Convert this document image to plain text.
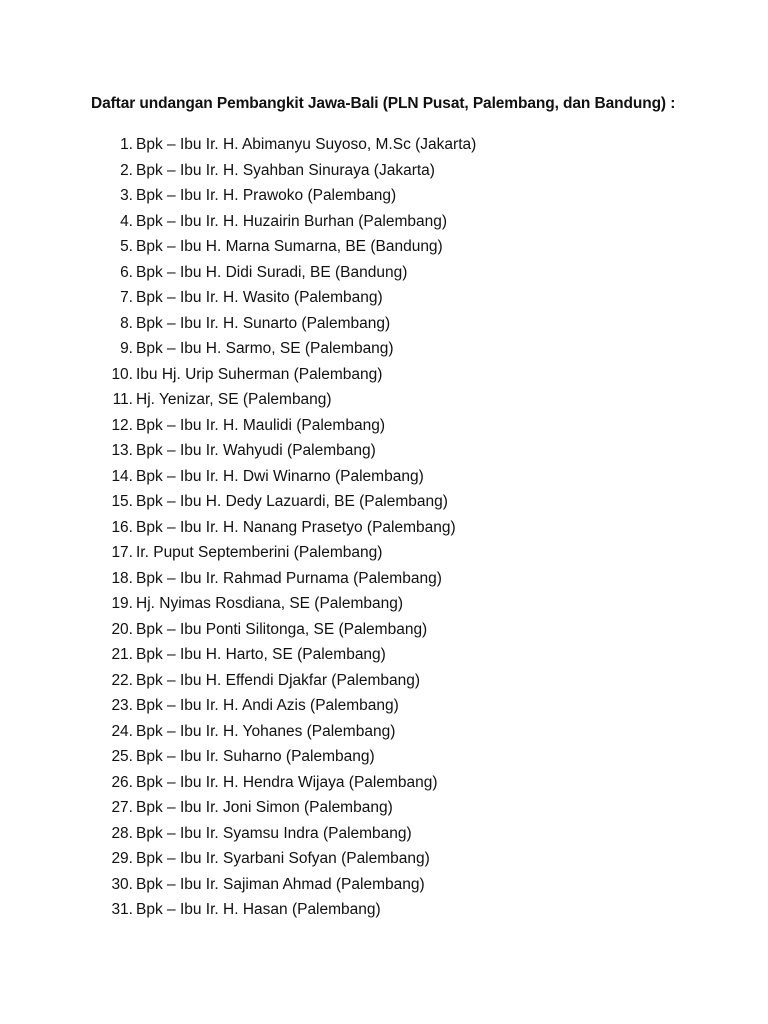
Daftar undangan Pembangkit Jawa-Bali (PLN Pusat, Palembang, dan Bandung) :
1. Bpk – Ibu Ir. H. Abimanyu Suyoso, M.Sc (Jakarta)
2. Bpk – Ibu Ir. H. Syahban Sinuraya (Jakarta)
3. Bpk – Ibu Ir. H. Prawoko (Palembang)
4. Bpk – Ibu Ir. H. Huzairin Burhan (Palembang)
5. Bpk – Ibu H. Marna Sumarna, BE (Bandung)
6. Bpk – Ibu H. Didi Suradi, BE (Bandung)
7. Bpk – Ibu Ir. H. Wasito (Palembang)
8. Bpk – Ibu Ir. H. Sunarto (Palembang)
9. Bpk – Ibu H. Sarmo, SE (Palembang)
10. Ibu Hj. Urip Suherman (Palembang)
11. Hj. Yenizar, SE (Palembang)
12. Bpk – Ibu Ir. H. Maulidi (Palembang)
13. Bpk – Ibu Ir. Wahyudi (Palembang)
14. Bpk – Ibu Ir. H. Dwi Winarno (Palembang)
15. Bpk – Ibu H. Dedy Lazuardi, BE (Palembang)
16. Bpk – Ibu Ir. H. Nanang Prasetyo (Palembang)
17. Ir. Puput Septemberini (Palembang)
18. Bpk – Ibu Ir. Rahmad Purnama (Palembang)
19. Hj. Nyimas Rosdiana, SE (Palembang)
20. Bpk – Ibu Ponti Silitonga, SE (Palembang)
21. Bpk – Ibu H. Harto, SE (Palembang)
22. Bpk – Ibu H. Effendi Djakfar (Palembang)
23. Bpk – Ibu Ir. H. Andi Azis (Palembang)
24. Bpk – Ibu Ir. H. Yohanes (Palembang)
25. Bpk – Ibu Ir. Suharno (Palembang)
26. Bpk – Ibu Ir. H. Hendra Wijaya (Palembang)
27. Bpk – Ibu Ir. Joni Simon (Palembang)
28. Bpk – Ibu Ir. Syamsu Indra (Palembang)
29. Bpk – Ibu Ir. Syarbani Sofyan (Palembang)
30. Bpk – Ibu Ir. Sajiman Ahmad (Palembang)
31. Bpk – Ibu Ir. H. Hasan (Palembang)
